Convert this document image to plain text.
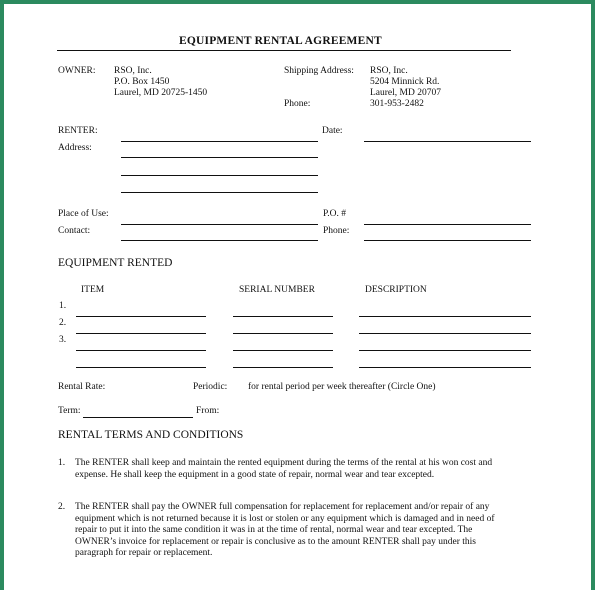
EQUIPMENT RENTAL AGREEMENT
OWNER: RSO, Inc.
P.O. Box 1450
Laurel, MD 20725-1450
Shipping Address: RSO, Inc.
5204 Minnick Rd.
Laurel, MD 20707
Phone:	301-953-2482
RENTER:	Date:
Address:
Place of Use:	P.O. #
Contact:	Phone:
EQUIPMENT RENTED
ITEM	SERIAL NUMBER	DESCRIPTION
1.
2.
3.
Rental Rate:	Periodic: for rental period per week thereafter (Circle One)
Term:	From:
RENTAL TERMS AND CONDITIONS
1. The RENTER shall keep and maintain the rented equipment during the terms of the rental at his won cost and expense. He shall keep the equipment in a good state of repair, normal wear and tear excepted.
2. The RENTER shall pay the OWNER full compensation for replacement for replacement and/or repair of any equipment which is not returned because it is lost or stolen or any equipment which is damaged and in need of repair to put it into the same condition it was in at the time of rental, normal wear and tear excepted. The OWNER’s invoice for replacement or repair is conclusive as to the amount RENTER shall pay under this paragraph for repair or replacement.
